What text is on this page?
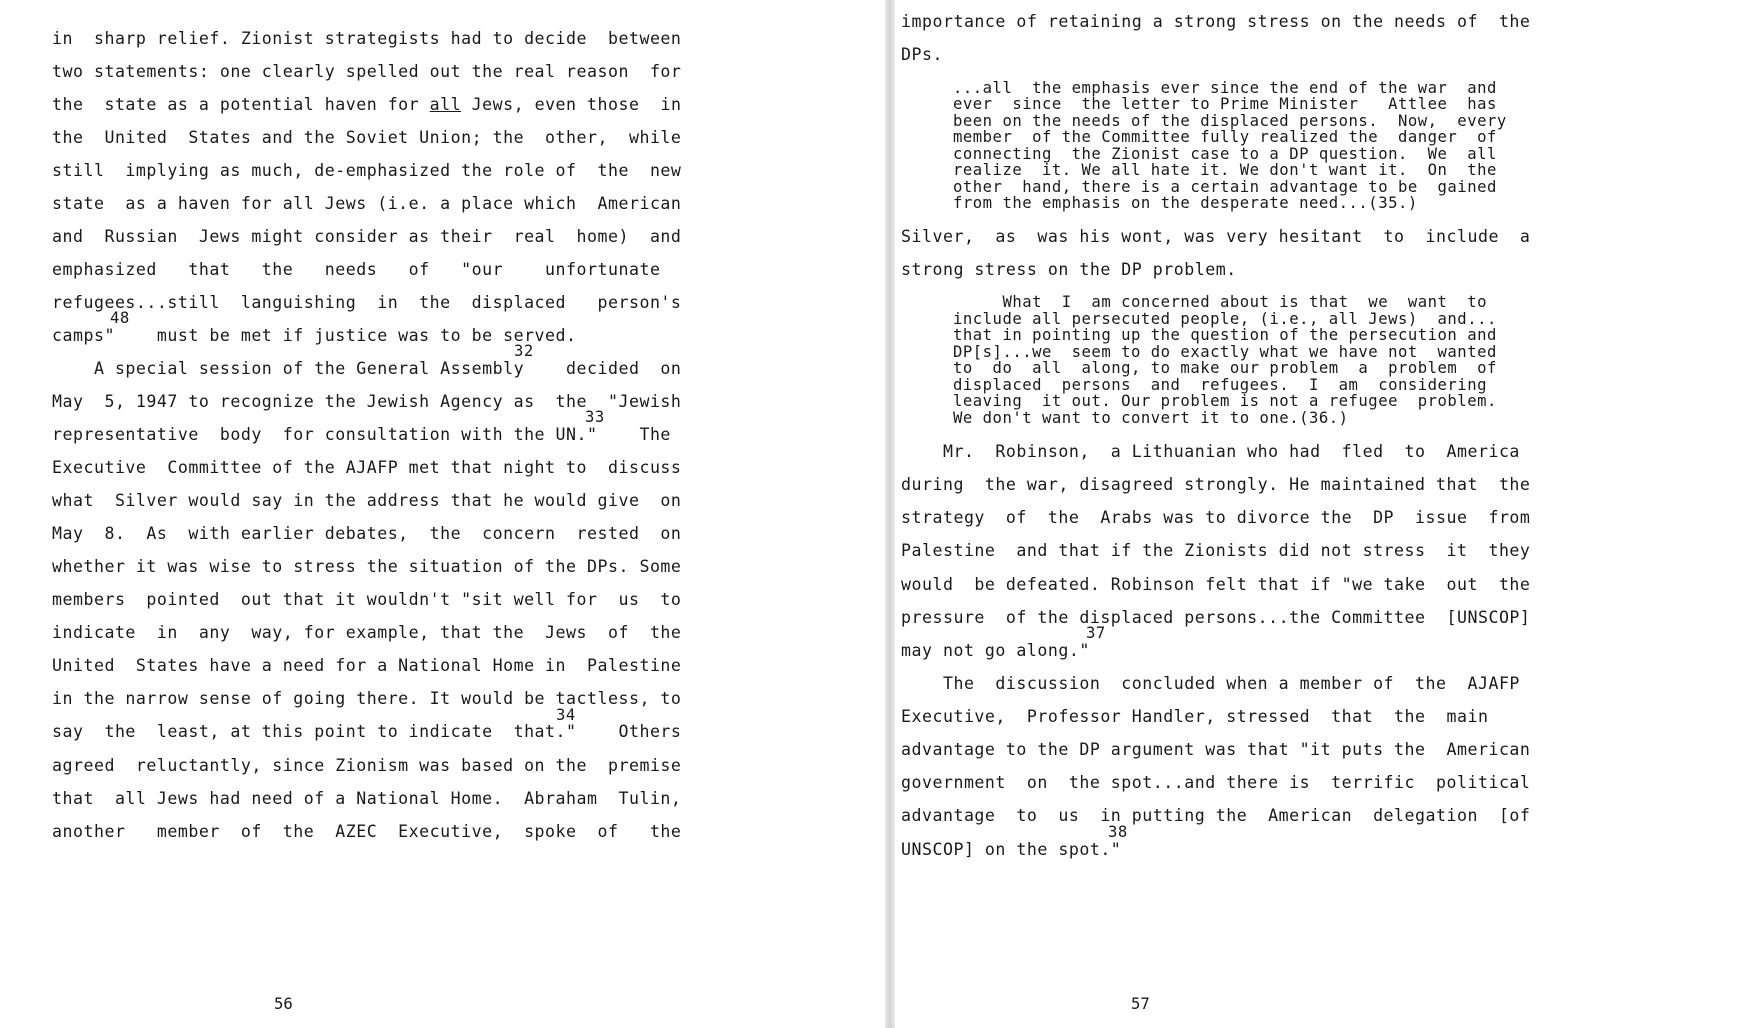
in  sharp relief. Zionist strategists had to decide  between
two statements: one clearly spelled out the real reason  for
the  state as a potential haven for all Jews, even those  in
the  United  States and the Soviet Union; the  other,  while
still  implying as much, de-emphasized the role of  the  new
state  as a haven for all Jews (i.e. a place which  American
and  Russian  Jews might consider as their  real  home)  and
emphasized   that   the   needs   of   "our    unfortunate
refugees...still  languishing  in  the  displaced   person's
48
camps"    must be met if justice was to be served.
32
A special session of the General Assembly    decided  on
May  5, 1947 to recognize the Jewish Agency as  the  "Jewish
33
representative  body  for consultation with the UN."    The
Executive  Committee of the AJAFP met that night to  discuss
what  Silver would say in the address that he would give  on
May  8.  As  with earlier debates,  the  concern  rested  on
whether it was wise to stress the situation of the DPs. Some
members  pointed  out that it wouldn't "sit well for  us  to
indicate  in  any  way, for example, that the  Jews  of  the
United  States have a need for a National Home in  Palestine
in the narrow sense of going there. It would be tactless, to
34
say  the  least, at this point to indicate  that."    Others
agreed  reluctantly, since Zionism was based on the  premise
that  all Jews had need of a National Home.  Abraham  Tulin,
another   member  of  the  AZEC  Executive,  spoke  of   the
56
importance of retaining a strong stress on the needs of  the
DPs.
...all  the emphasis ever since the end of the war  and
ever  since  the letter to Prime Minister   Attlee  has
been on the needs of the displaced persons.  Now,  every
member  of the Committee fully realized the  danger  of
connecting  the Zionist case to a DP question.  We  all
realize  it. We all hate it. We don't want it.  On  the
other  hand, there is a certain advantage to be  gained
from the emphasis on the desperate need...(35.)
Silver,  as  was his wont, was very hesitant  to  include  a
strong stress on the DP problem.
What  I  am concerned about is that  we  want  to
include all persecuted people, (i.e., all Jews)  and...
that in pointing up the question of the persecution and
DP[s]...we  seem to do exactly what we have not  wanted
to  do  all  along, to make our problem  a  problem  of
displaced  persons  and  refugees.  I  am  considering
leaving  it out. Our problem is not a refugee  problem.
We don't want to convert it to one.(36.)
Mr.  Robinson,  a Lithuanian who had  fled  to  America
during  the war, disagreed strongly. He maintained that  the
strategy  of  the  Arabs was to divorce the  DP  issue  from
Palestine  and that if the Zionists did not stress  it  they
would  be defeated. Robinson felt that if "we take  out  the
pressure  of the displaced persons...the Committee  [UNSCOP]
37
may not go along."
The  discussion  concluded when a member of  the  AJAFP
Executive,  Professor Handler, stressed  that  the  main
advantage to the DP argument was that "it puts the  American
government  on  the spot...and there is  terrific  political
advantage  to  us  in putting the  American  delegation  [of
38
UNSCOP] on the spot."
57
